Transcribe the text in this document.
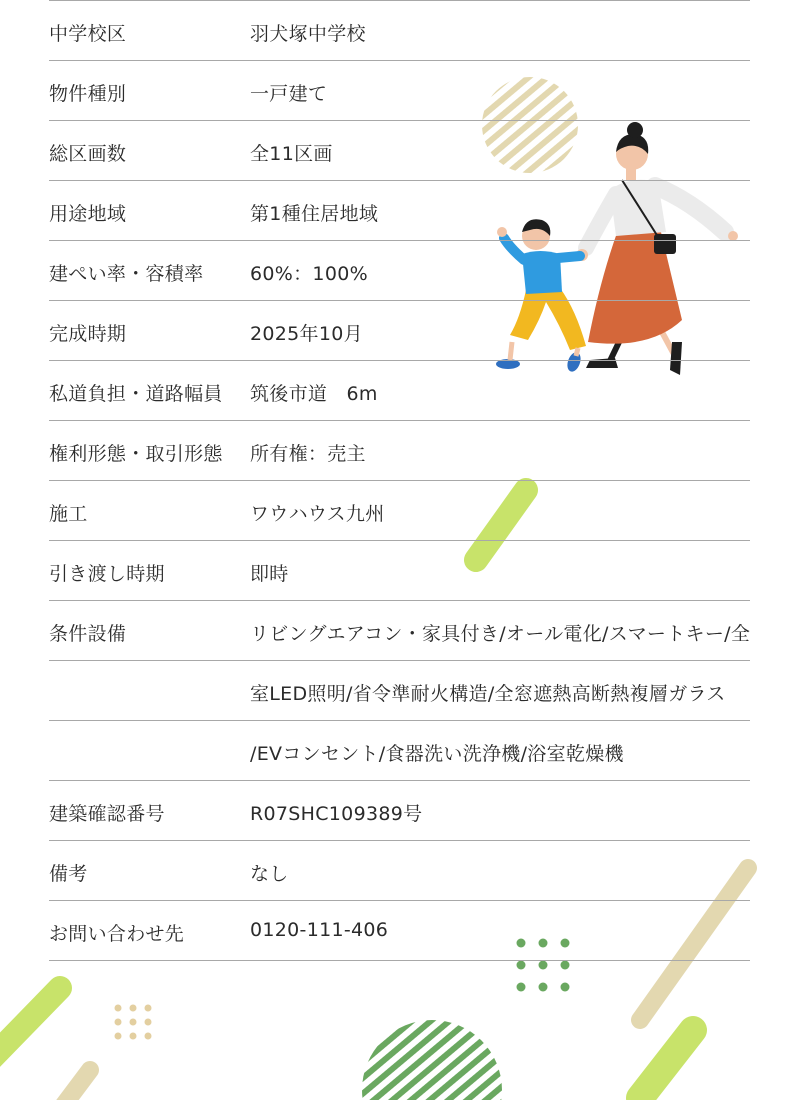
中学校区	羽犬塚中学校
物件種別	一戸建て
総区画数	全11区画
用途地域	第1種住居地域
建ぺい率・容積率 60%：100%
完成時期	2025年10月
私道負担・道路幅員 筑後市道　6m
権利形態・取引形態 所有権：売主
施工	ワウハウス九州
引き渡し時期	即時
条件設備	リビングエアコン・家具付き/オール電化/スマートキー/全
室LED照明/省令準耐火構造/全窓遮熱高断熱複層ガラス
/EVコンセント/食器洗い洗浄機/浴室乾燥機
建築確認番号	R07SHC109389号
備考	なし
お問い合わせ先	0120-111-406
